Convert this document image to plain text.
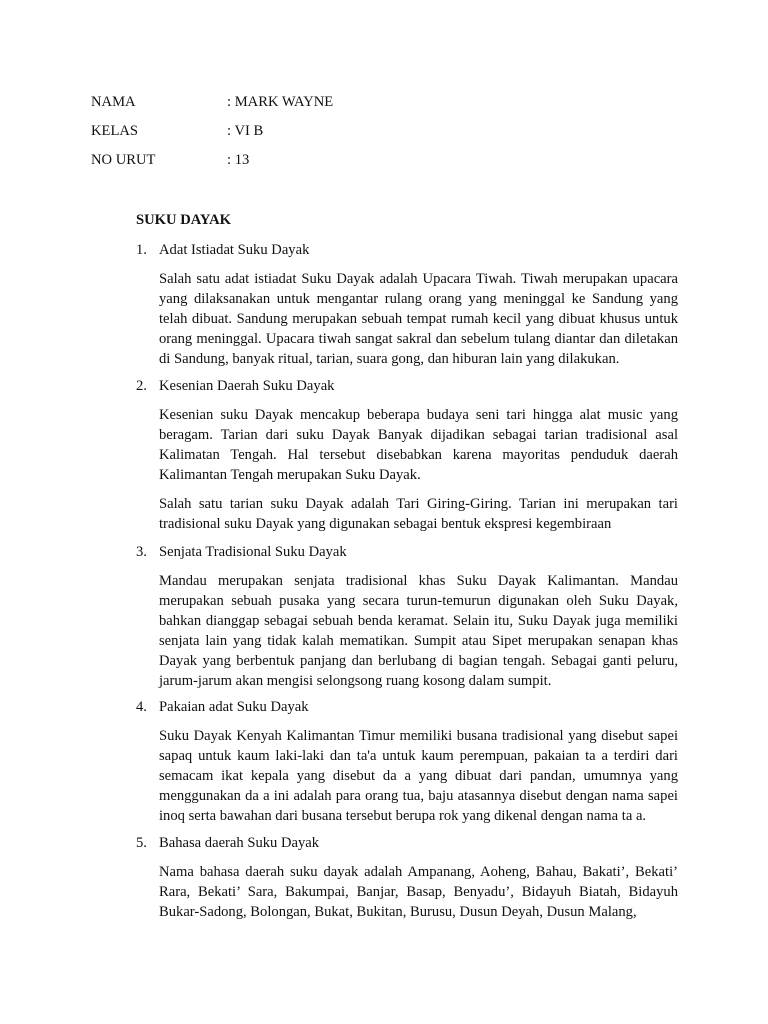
NAMA	: MARK WAYNE
KELAS	: VI B
NO URUT	: 13
SUKU DAYAK
1. Adat Istiadat Suku Dayak

Salah satu adat istiadat Suku Dayak adalah Upacara Tiwah. Tiwah merupakan upacara yang dilaksanakan untuk mengantar rulang orang yang meninggal ke Sandung yang telah dibuat. Sandung merupakan sebuah tempat rumah kecil yang dibuat khusus untuk orang meninggal. Upacara tiwah sangat sakral dan sebelum tulang diantar dan diletakan di Sandung, banyak ritual, tarian, suara gong, dan hiburan lain yang dilakukan.

2. Kesenian Daerah Suku Dayak

Kesenian suku Dayak mencakup beberapa budaya seni tari hingga alat music yang beragam. Tarian dari suku Dayak Banyak dijadikan sebagai tarian tradisional asal Kalimatan Tengah. Hal tersebut disebabkan karena mayoritas penduduk daerah Kalimantan Tengah merupakan Suku Dayak.

Salah satu tarian suku Dayak adalah Tari Giring-Giring. Tarian ini merupakan tari tradisional suku Dayak yang digunakan sebagai bentuk ekspresi kegembiraan

3. Senjata Tradisional Suku Dayak

Mandau merupakan senjata tradisional khas Suku Dayak Kalimantan. Mandau merupakan sebuah pusaka yang secara turun-temurun digunakan oleh Suku Dayak, bahkan dianggap sebagai sebuah benda keramat. Selain itu, Suku Dayak juga memiliki senjata lain yang tidak kalah mematikan. Sumpit atau Sipet merupakan senapan khas Dayak yang berbentuk panjang dan berlubang di bagian tengah. Sebagai ganti peluru, jarum-jarum akan mengisi selongsong ruang kosong dalam sumpit.

4. Pakaian adat Suku Dayak

Suku Dayak Kenyah Kalimantan Timur memiliki busana tradisional yang disebut sapei sapaq untuk kaum laki-laki dan ta'a untuk kaum perempuan, pakaian ta a terdiri dari semacam ikat kepala yang disebut da a yang dibuat dari pandan, umumnya yang menggunakan da a ini adalah para orang tua, baju atasannya disebut dengan nama sapei inoq serta bawahan dari busana tersebut berupa rok yang dikenal dengan nama ta a.

5. Bahasa daerah Suku Dayak

Nama bahasa daerah suku dayak adalah Ampanang, Aoheng, Bahau, Bakati’, Bekati’ Rara, Bekati’ Sara, Bakumpai, Banjar, Basap, Benyadu’, Bidayuh Biatah, Bidayuh Bukar-Sadong, Bolongan, Bukat, Bukitan, Burusu, Dusun Deyah, Dusun Malang,
